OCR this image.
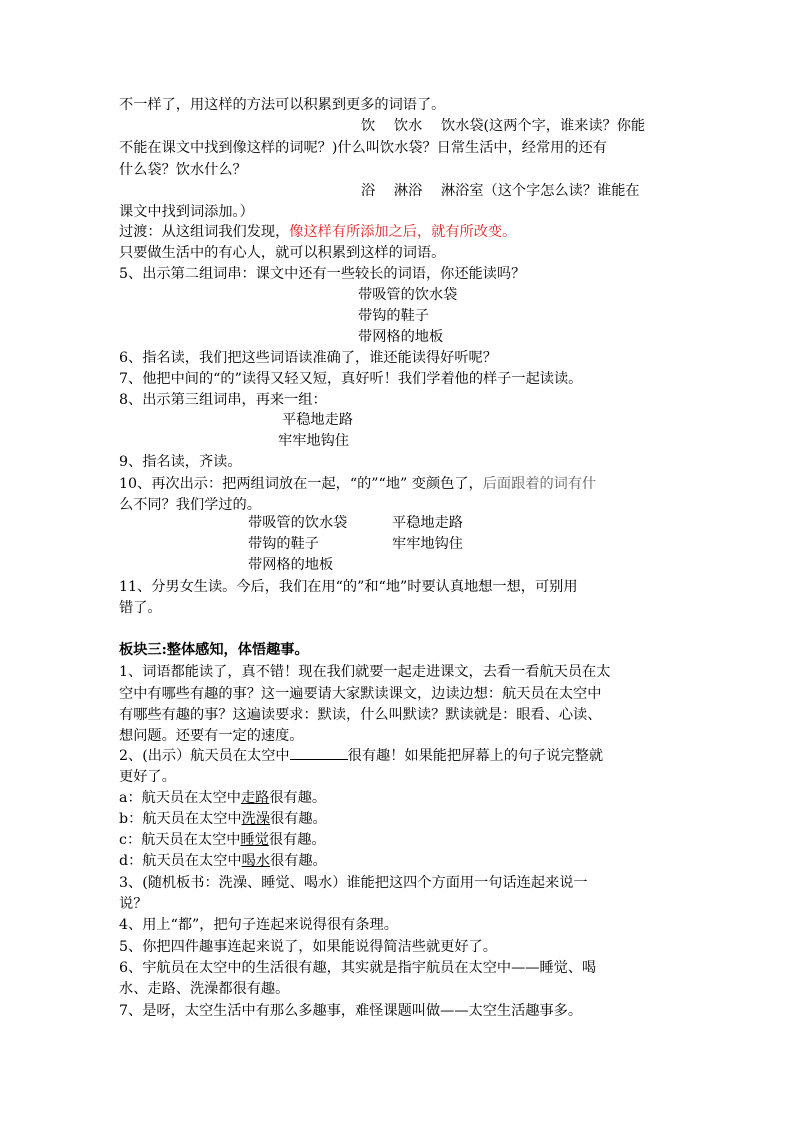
不一样了，用这样的方法可以积累到更多的词语了。
饮　 饮水　 饮水袋(这两个字，谁来读？你能
不能在课文中找到像这样的词呢？)什么叫饮水袋？日常生活中，经常用的还有
什么袋？饮水什么？
浴　 淋浴　 淋浴室（这个字怎么读？谁能在
课文中找到词添加。）
过渡：从这组词我们发现，像这样有所添加之后，就有所改变。
只要做生活中的有心人，就可以积累到这样的词语。
5、出示第二组词串：课文中还有一些较长的词语，你还能读吗？
带吸管的饮水袋
带钩的鞋子
带网格的地板
6、指名读，我们把这些词语读准确了，谁还能读得好听呢？
7、他把中间的“的”读得又轻又短，真好听！我们学着他的样子一起读读。
8、出示第三组词串，再来一组：
平稳地走路
牢牢地钩住
9、指名读，齐读。
10、再次出示：把两组词放在一起，“的”“地” 变颜色了，后面跟着的词有什
么不同？我们学过的。
带吸管的饮水袋	平稳地走路
带钩的鞋子	牢牢地钩住
带网格的地板
11、分男女生读。今后，我们在用“的”和“地”时要认真地想一想，可别用
错了。
板块三:整体感知，体悟趣事。
1、词语都能读了，真不错！现在我们就要一起走进课文，去看一看航天员在太
空中有哪些有趣的事？这一遍要请大家默读课文，边读边想：航天员在太空中
有哪些有趣的事？这遍读要求：默读，什么叫默读？默读就是：眼看、心读、
想问题。还要有一定的速度。
2、(出示）航天员在太空中	很有趣！如果能把屏幕上的句子说完整就
更好了。
a：航天员在太空中走路很有趣。
b：航天员在太空中洗澡很有趣。
c：航天员在太空中睡觉很有趣。
d：航天员在太空中喝水很有趣。
3、(随机板书：洗澡、睡觉、喝水）谁能把这四个方面用一句话连起来说一
说？
4、用上“都”，把句子连起来说得很有条理。
5、你把四件趣事连起来说了，如果能说得简洁些就更好了。
6、宇航员在太空中的生活很有趣，其实就是指宇航员在太空中——睡觉、喝
水、走路、洗澡都很有趣。
7、是呀，太空生活中有那么多趣事，难怪课题叫做——太空生活趣事多。
